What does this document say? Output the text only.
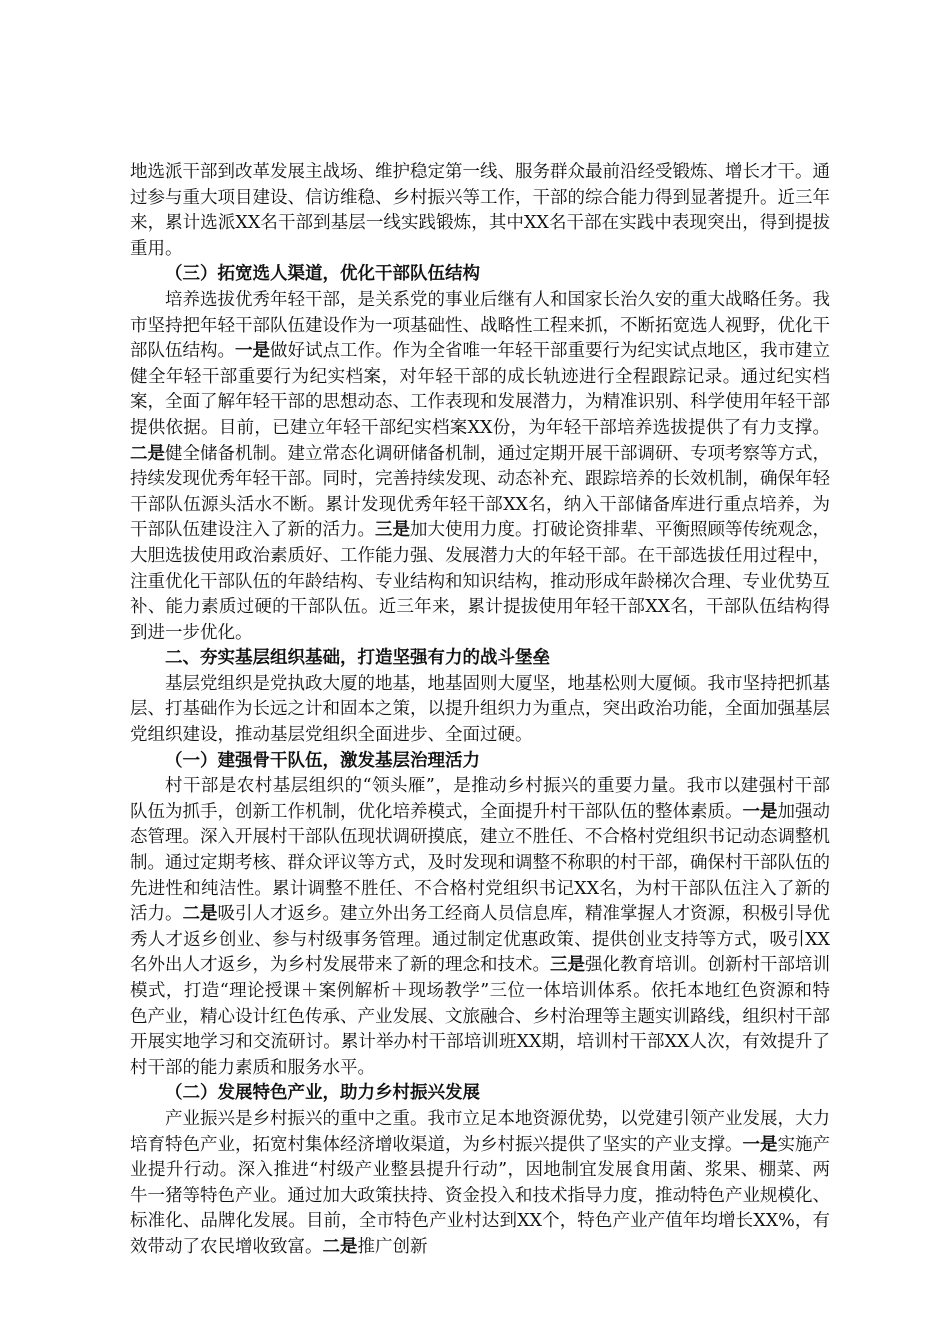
地选派干部到改革发展主战场、维护稳定第一线、服务群众最前沿经受锻炼、增长才干。通过参与重大项目建设、信访维稳、乡村振兴等工作，干部的综合能力得到显著提升。近三年来，累计选派XX名干部到基层一线实践锻炼，其中XX名干部在实践中表现突出，得到提拔重用。

（三）拓宽选人渠道，优化干部队伍结构

培养选拔优秀年轻干部，是关系党的事业后继有人和国家长治久安的重大战略任务。我市坚持把年轻干部队伍建设作为一项基础性、战略性工程来抓，不断拓宽选人视野，优化干部队伍结构。一是做好试点工作。作为全省唯一年轻干部重要行为纪实试点地区，我市建立健全年轻干部重要行为纪实档案，对年轻干部的成长轨迹进行全程跟踪记录。通过纪实档案，全面了解年轻干部的思想动态、工作表现和发展潜力，为精准识别、科学使用年轻干部提供依据。目前，已建立年轻干部纪实档案XX份，为年轻干部培养选拔提供了有力支撑。二是健全储备机制。建立常态化调研储备机制，通过定期开展干部调研、专项考察等方式，持续发现优秀年轻干部。同时，完善持续发现、动态补充、跟踪培养的长效机制，确保年轻干部队伍源头活水不断。累计发现优秀年轻干部XX名，纳入干部储备库进行重点培养，为干部队伍建设注入了新的活力。三是加大使用力度。打破论资排辈、平衡照顾等传统观念，大胆选拔使用政治素质好、工作能力强、发展潜力大的年轻干部。在干部选拔任用过程中，注重优化干部队伍的年龄结构、专业结构和知识结构，推动形成年龄梯次合理、专业优势互补、能力素质过硬的干部队伍。近三年来，累计提拔使用年轻干部XX名，干部队伍结构得到进一步优化。

二、夯实基层组织基础，打造坚强有力的战斗堡垒

基层党组织是党执政大厦的地基，地基固则大厦坚，地基松则大厦倾。我市坚持把抓基层、打基础作为长远之计和固本之策，以提升组织力为重点，突出政治功能，全面加强基层党组织建设，推动基层党组织全面进步、全面过硬。

（一）建强骨干队伍，激发基层治理活力

村干部是农村基层组织的“领头雁”，是推动乡村振兴的重要力量。我市以建强村干部队伍为抓手，创新工作机制，优化培养模式，全面提升村干部队伍的整体素质。一是加强动态管理。深入开展村干部队伍现状调研摸底，建立不胜任、不合格村党组织书记动态调整机制。通过定期考核、群众评议等方式，及时发现和调整不称职的村干部，确保村干部队伍的先进性和纯洁性。累计调整不胜任、不合格村党组织书记XX名，为村干部队伍注入了新的活力。二是吸引人才返乡。建立外出务工经商人员信息库，精准掌握人才资源，积极引导优秀人才返乡创业、参与村级事务管理。通过制定优惠政策、提供创业支持等方式，吸引XX名外出人才返乡，为乡村发展带来了新的理念和技术。三是强化教育培训。创新村干部培训模式，打造“理论授课＋案例解析＋现场教学”三位一体培训体系。依托本地红色资源和特色产业，精心设计红色传承、产业发展、文旅融合、乡村治理等主题实训路线，组织村干部开展实地学习和交流研讨。累计举办村干部培训班XX期，培训村干部XX人次，有效提升了村干部的能力素质和服务水平。

（二）发展特色产业，助力乡村振兴发展

产业振兴是乡村振兴的重中之重。我市立足本地资源优势，以党建引领产业发展，大力培育特色产业，拓宽村集体经济增收渠道，为乡村振兴提供了坚实的产业支撑。一是实施产业提升行动。深入推进“村级产业整县提升行动”，因地制宜发展食用菌、浆果、棚菜、两牛一猪等特色产业。通过加大政策扶持、资金投入和技术指导力度，推动特色产业规模化、标准化、品牌化发展。目前，全市特色产业村达到XX个，特色产业产值年均增长XX%，有效带动了农民增收致富。二是推广创新
